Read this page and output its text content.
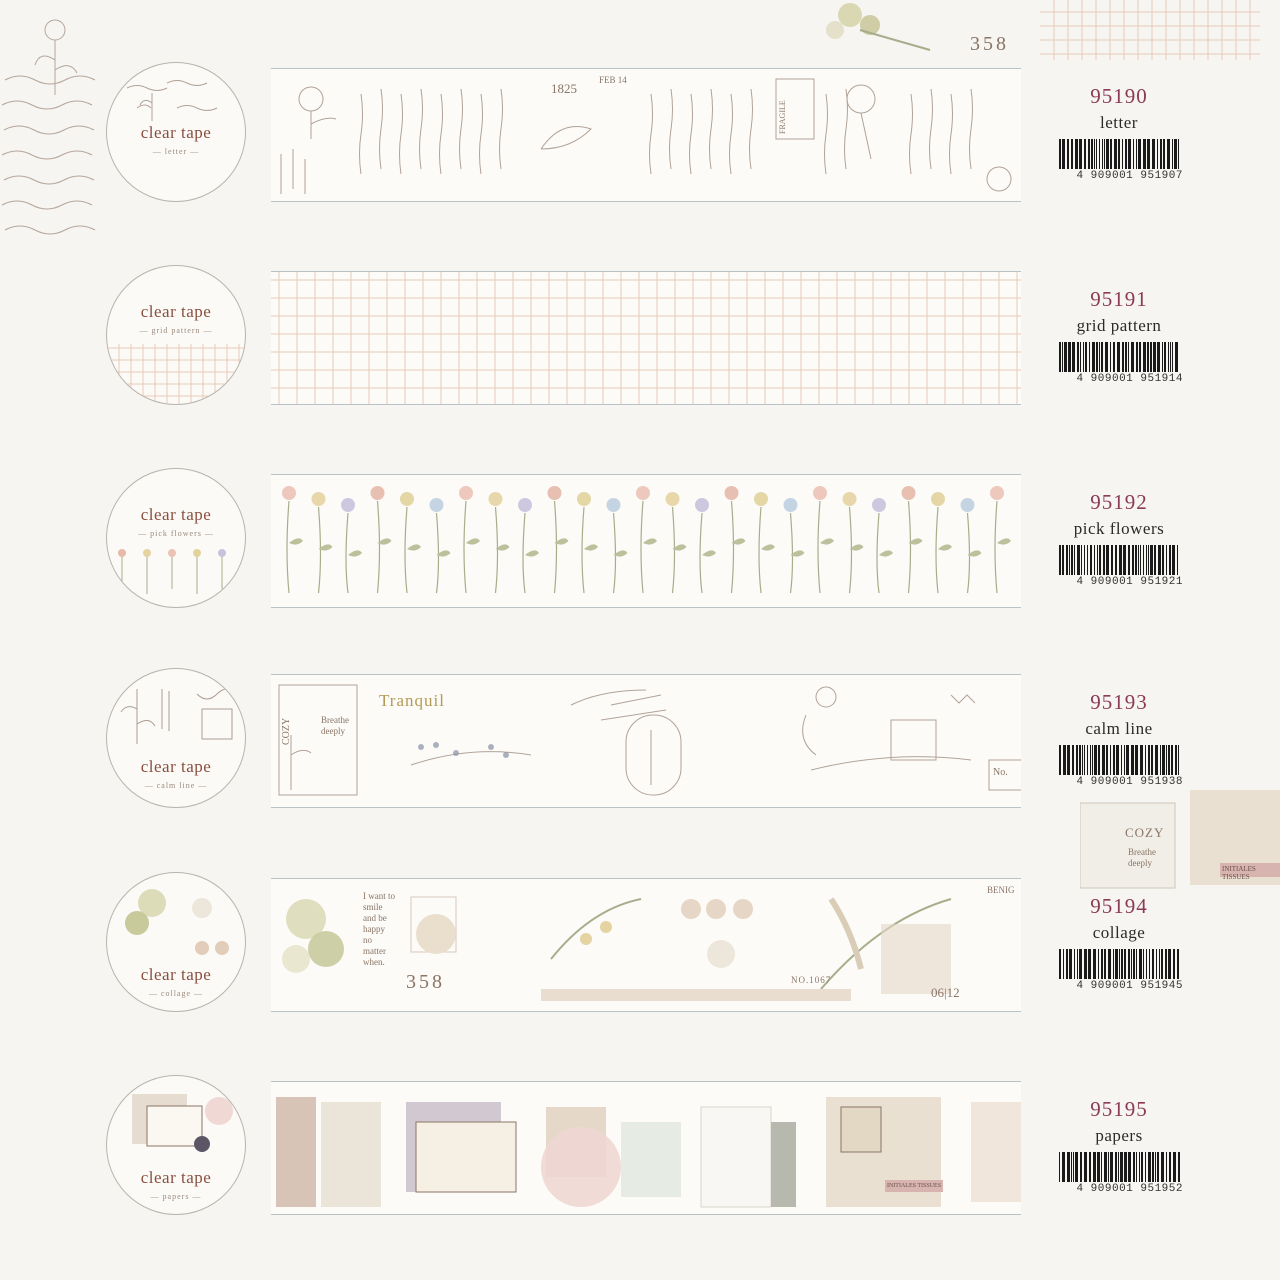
358
COZY
Breathe deeply
INITIALES TISSUES
clear tape
— letter —
1825
FEB 14
FRAGILE
95190
letter
4 909001 951907
clear tape
— grid pattern —
95191
grid pattern
4 909001 951914
clear tape
— pick flowers —
95192
pick flowers
4 909001 951921
clear tape
— calm line —
Tranquil
COZY	Breathe deeply
No.
95193
calm line
4 909001 951938
clear tape
— collage —
I want to smile and be happy no matter when.
358	NO.1067
06|12
BENIG
95194
collage
4 909001 951945
clear tape
— papers —
INITIALES TISSUES
95195
papers
4 909001 951952
